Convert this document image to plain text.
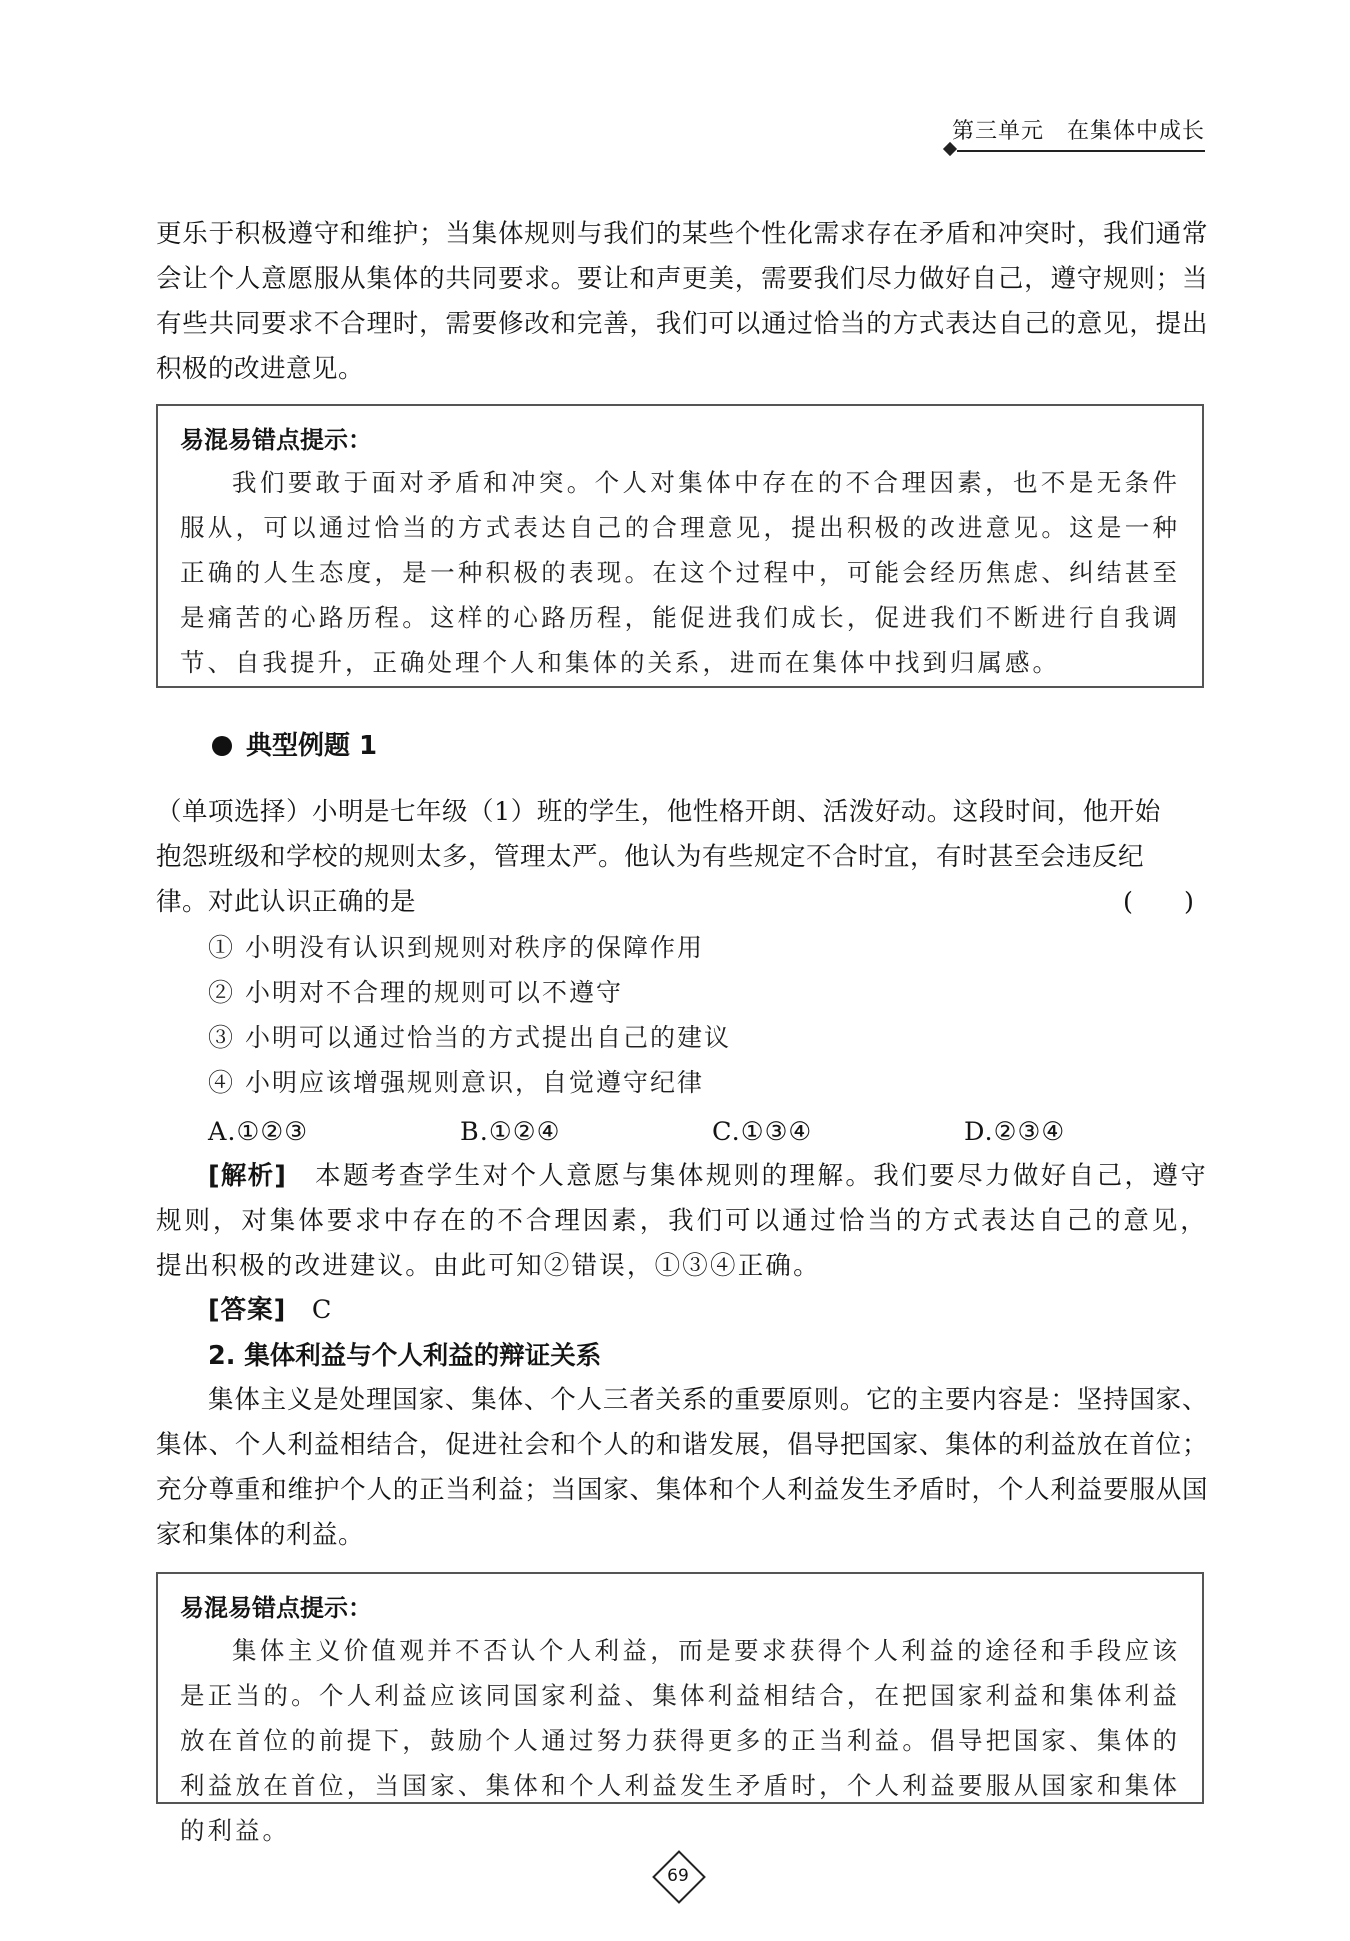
第三单元　在集体中成长

更乐于积极遵守和维护；当集体规则与我们的某些个性化需求存在矛盾和冲突时，我们通常会让个人意愿服从集体的共同要求。要让和声更美，需要我们尽力做好自己，遵守规则；当有些共同要求不合理时，需要修改和完善，我们可以通过恰当的方式表达自己的意见，提出积极的改进意见。

易混易错点提示：

我们要敢于面对矛盾和冲突。个人对集体中存在的不合理因素，也不是无条件服从，可以通过恰当的方式表达自己的合理意见，提出积极的改进意见。这是一种正确的人生态度，是一种积极的表现。在这个过程中，可能会经历焦虑、纠结甚至是痛苦的心路历程。这样的心路历程，能促进我们成长，促进我们不断进行自我调节、自我提升，正确处理个人和集体的关系，进而在集体中找到归属感。

典型例题 1
（单项选择）小明是七年级（1）班的学生，他性格开朗、活泼好动。这段时间，他开始
抱怨班级和学校的规则太多，管理太严。他认为有些规定不合时宜，有时甚至会违反纪
律。对此认识正确的是	(　　)
① 小明没有认识到规则对秩序的保障作用
② 小明对不合理的规则可以不遵守
③ 小明可以通过恰当的方式提出自己的建议
④ 小明应该增强规则意识，自觉遵守纪律
A.①②③	B.①②④	C.①③④	D.②③④

[解析]　 本题考查学生对个人意愿与集体规则的理解。我们要尽力做好自己，遵守规则，对集体要求中存在的不合理因素，我们可以通过恰当的方式表达自己的意见，提出积极的改进建议。由此可知②错误，①③④正确。

[答案]　 C
2. 集体利益与个人利益的辩证关系

集体主义是处理国家、集体、个人三者关系的重要原则。它的主要内容是：坚持国家、集体、个人利益相结合，促进社会和个人的和谐发展，倡导把国家、集体的利益放在首位；充分尊重和维护个人的正当利益；当国家、集体和个人利益发生矛盾时，个人利益要服从国家和集体的利益。

易混易错点提示：

集体主义价值观并不否认个人利益，而是要求获得个人利益的途径和手段应该是正当的。个人利益应该同国家利益、集体利益相结合，在把国家利益和集体利益放在首位的前提下，鼓励个人通过努力获得更多的正当利益。倡导把国家、集体的利益放在首位，当国家、集体和个人利益发生矛盾时，个人利益要服从国家和集体的利益。

69
